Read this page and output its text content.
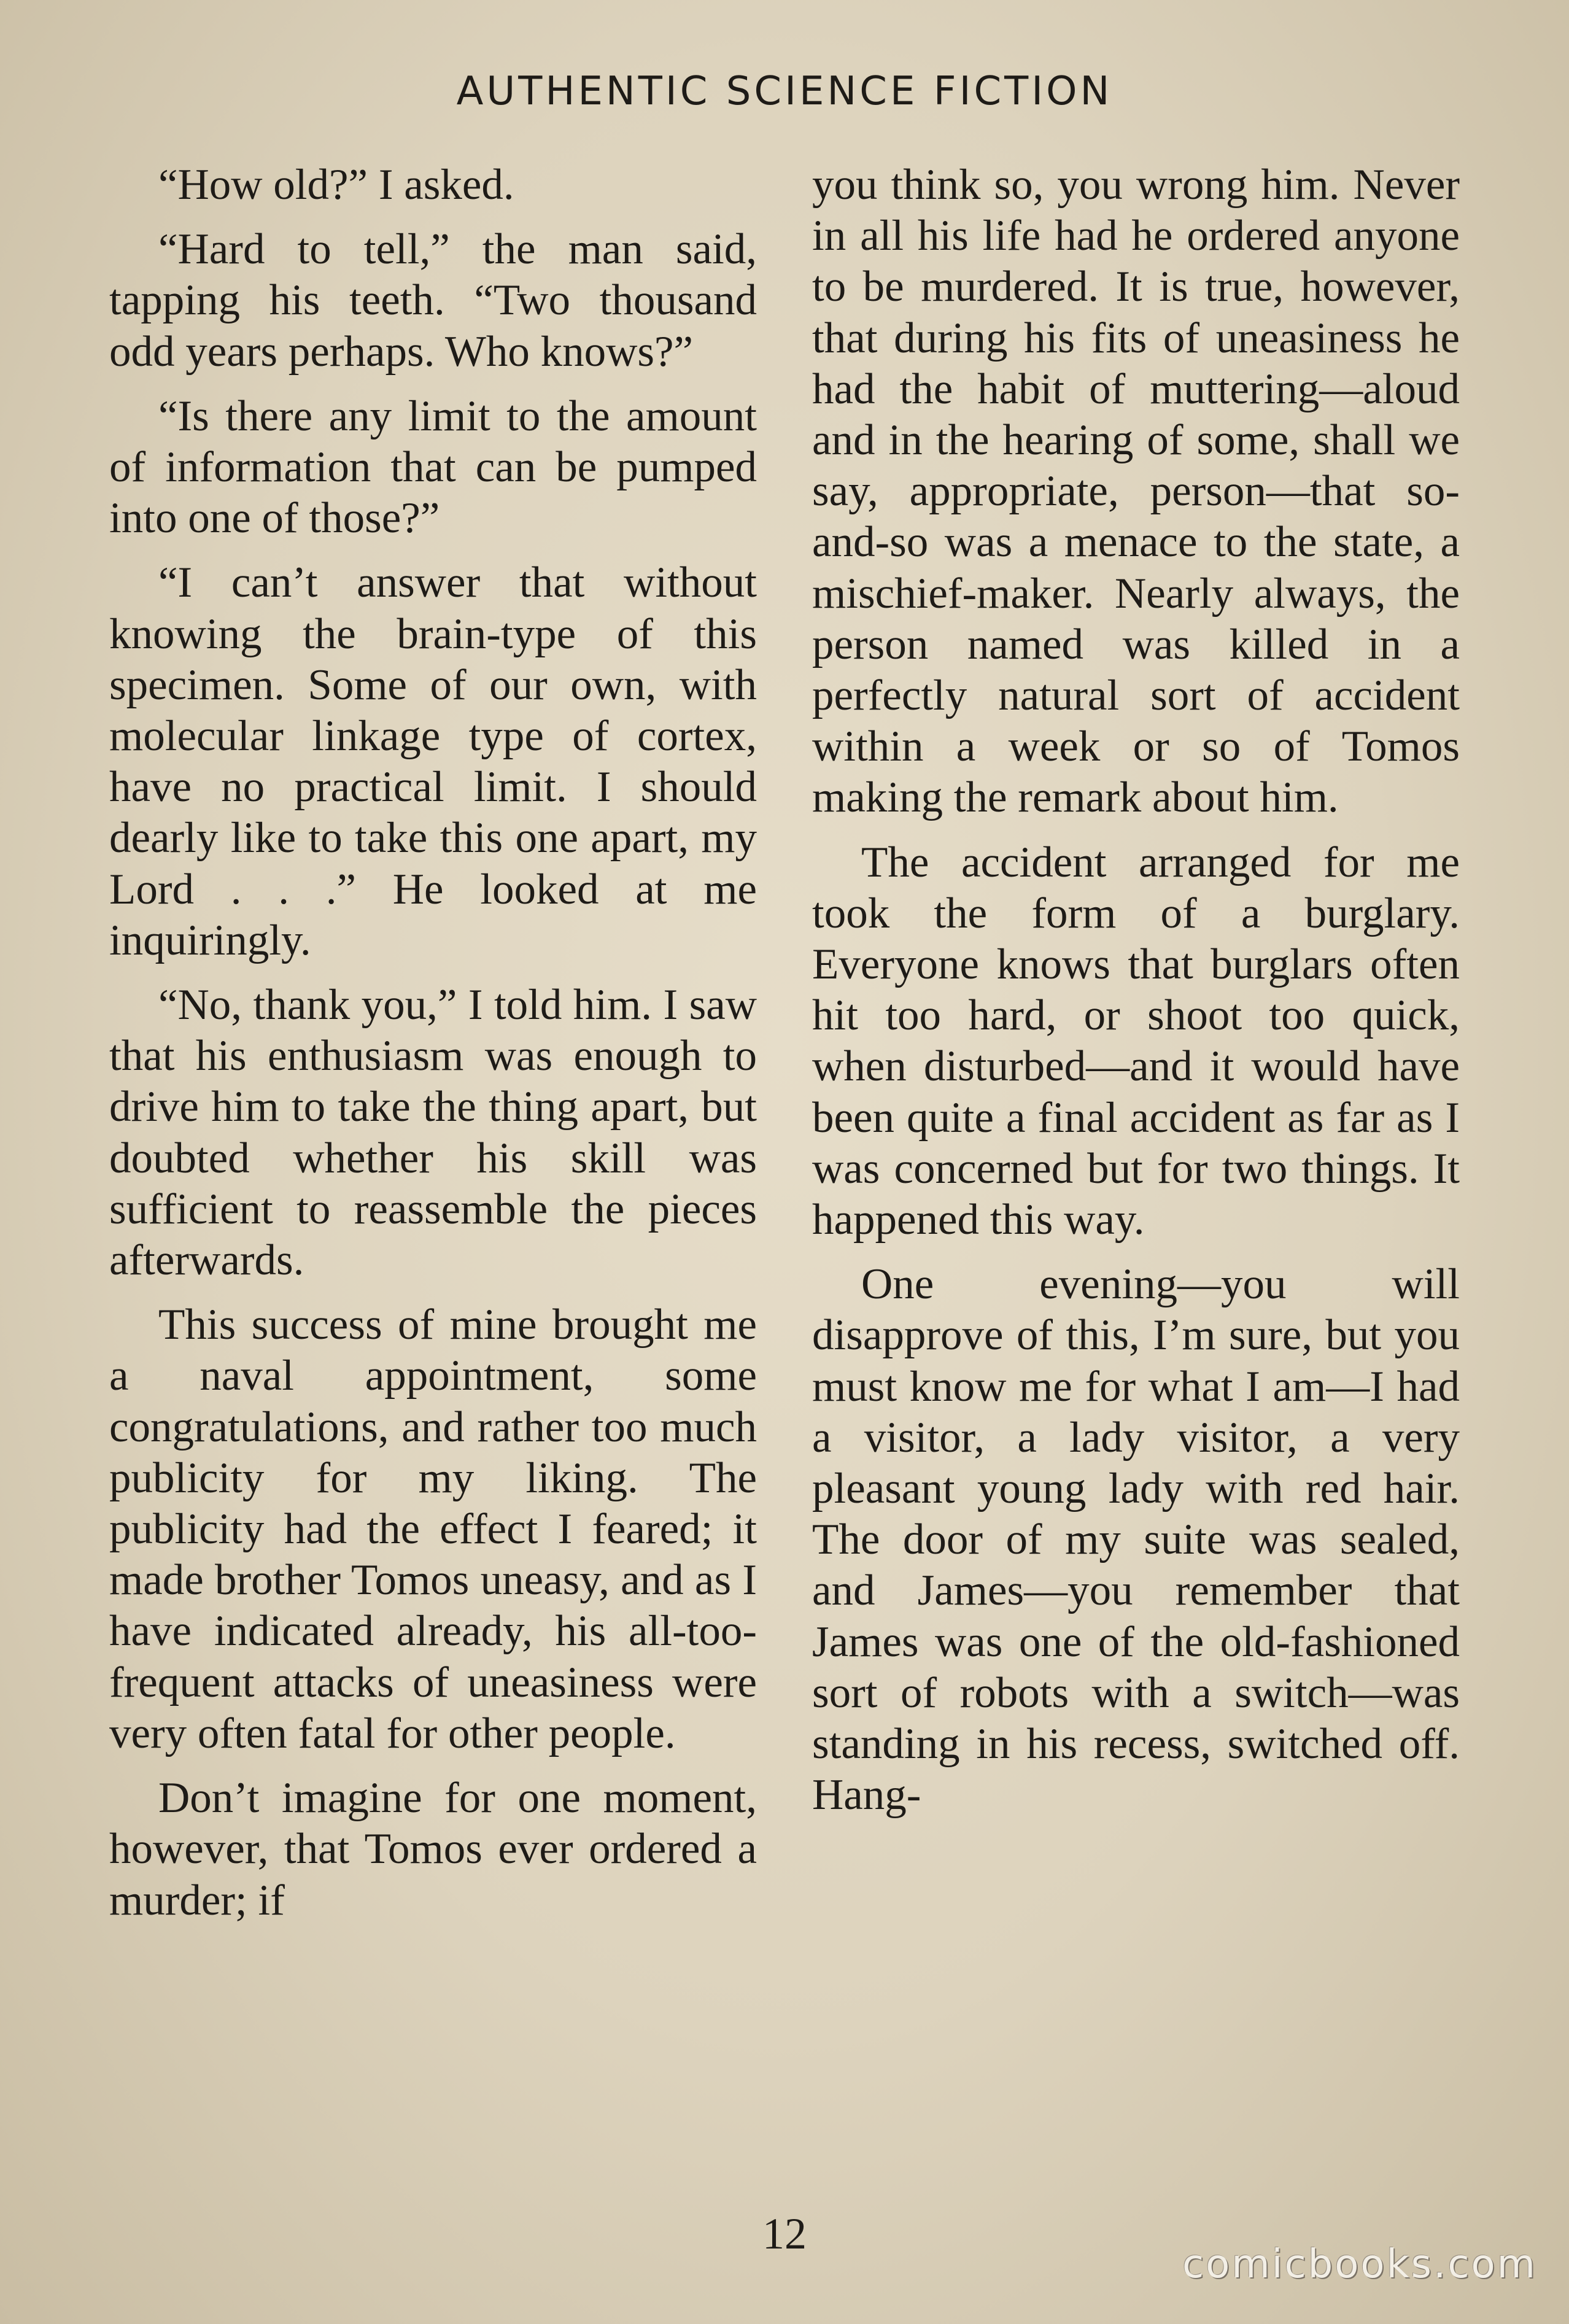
AUTHENTIC SCIENCE FICTION

“How old?” I asked.

“Hard to tell,” the man said, tapping his teeth. “Two thousand odd years perhaps. Who knows?”

“Is there any limit to the amount of information that can be pumped into one of those?”

“I can’t answer that without knowing the brain-type of this specimen. Some of our own, with molecular linkage type of cortex, have no practical limit. I should dearly like to take this one apart, my Lord . . .” He looked at me inquiringly.

“No, thank you,” I told him. I saw that his enthusiasm was enough to drive him to take the thing apart, but doubted whether his skill was sufficient to reassemble the pieces afterwards.

This success of mine brought me a naval appointment, some congratulations, and rather too much publicity for my liking. The publicity had the effect I feared; it made brother Tomos uneasy, and as I have indicated already, his all-too-frequent attacks of uneasiness were very often fatal for other people.

Don’t imagine for one moment, however, that Tomos ever ordered a murder; if

you think so, you wrong him. Never in all his life had he ordered anyone to be murdered. It is true, however, that during his fits of uneasiness he had the habit of muttering—aloud and in the hearing of some, shall we say, appropriate, person—that so-and-so was a menace to the state, a mischief-maker. Nearly always, the person named was killed in a perfectly natural sort of accident within a week or so of Tomos making the remark about him.

The accident arranged for me took the form of a burglary. Everyone knows that burglars often hit too hard, or shoot too quick, when disturbed—and it would have been quite a final accident as far as I was concerned but for two things. It happened this way.

One evening—you will disapprove of this, I’m sure, but you must know me for what I am—I had a visitor, a lady visitor, a very pleasant young lady with red hair. The door of my suite was sealed, and James—you remember that James was one of the old-fashioned sort of robots with a switch—was standing in his recess, switched off. Hang-

12
comicbooks.com
